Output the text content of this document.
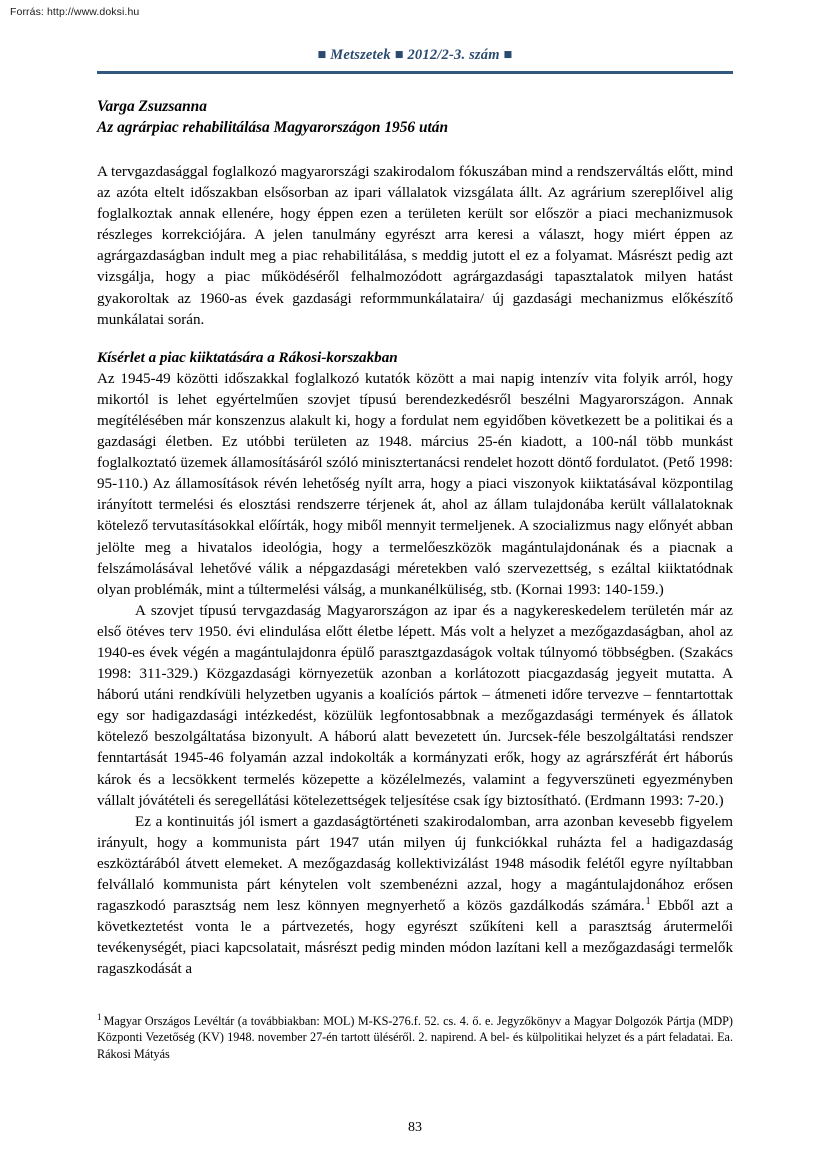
Forrás: http://www.doksi.hu
■ Metszetek ■ 2012/2-3. szám ■
Varga Zsuzsanna
Az agrárpiac rehabilitálása Magyarországon 1956 után

A tervgazdasággal foglalkozó magyarországi szakirodalom fókuszában mind a rendszerváltás előtt, mind az azóta eltelt időszakban elsősorban az ipari vállalatok vizsgálata állt. Az agrárium szereplőivel alig foglalkoztak annak ellenére, hogy éppen ezen a területen került sor először a piaci mechanizmusok részleges korrekciójára. A jelen tanulmány egyrészt arra keresi a választ, hogy miért éppen az agrárgazdaságban indult meg a piac rehabilitálása, s meddig jutott el ez a folyamat. Másrészt pedig azt vizsgálja, hogy a piac működéséről felhalmozódott agrárgazdasági tapasztalatok milyen hatást gyakoroltak az 1960-as évek gazdasági reformmunkálataira/ új gazdasági mechanizmus előkészítő munkálatai során.

Kísérlet a piac kiiktatására a Rákosi-korszakban

Az 1945-49 közötti időszakkal foglalkozó kutatók között a mai napig intenzív vita folyik arról, hogy mikortól is lehet egyértelműen szovjet típusú berendezkedésről beszélni Magyarországon. Annak megítélésében már konszenzus alakult ki, hogy a fordulat nem egyidőben következett be a politikai és a gazdasági életben. Ez utóbbi területen az 1948. március 25-én kiadott, a 100-nál több munkást foglalkoztató üzemek államosításáról szóló minisztertanácsi rendelet hozott döntő fordulatot. (Pető 1998: 95-110.) Az államosítások révén lehetőség nyílt arra, hogy a piaci viszonyok kiiktatásával központilag irányított termelési és elosztási rendszerre térjenek át, ahol az állam tulajdonába került vállalatoknak kötelező tervutasításokkal előírták, hogy miből mennyit termeljenek. A szocializmus nagy előnyét abban jelölte meg a hivatalos ideológia, hogy a termelőeszközök magántulajdonának és a piacnak a felszámolásával lehetővé válik a népgazdasági méretekben való szervezettség, s ezáltal kiiktatódnak olyan problémák, mint a túltermelési válság, a munkanélküliség, stb. (Kornai 1993: 140-159.)

A szovjet típusú tervgazdaság Magyarországon az ipar és a nagykereskedelem területén már az első ötéves terv 1950. évi elindulása előtt életbe lépett. Más volt a helyzet a mezőgazdaságban, ahol az 1940-es évek végén a magántulajdonra épülő parasztgazdaságok voltak túlnyomó többségben. (Szakács 1998: 311-329.) Közgazdasági környezetük azonban a korlátozott piacgazdaság jegyeit mutatta. A háború utáni rendkívüli helyzetben ugyanis a koalíciós pártok – átmeneti időre tervezve – fenntartottak egy sor hadigazdasági intézkedést, közülük legfontosabbnak a mezőgazdasági termények és állatok kötelező beszolgáltatása bizonyult. A háború alatt bevezetett ún. Jurcsek-féle beszolgáltatási rendszer fenntartását 1945-46 folyamán azzal indokolták a kormányzati erők, hogy az agrárszférát ért háborús károk és a lecsökkent termelés közepette a közélelmezés, valamint a fegyverszüneti egyezményben vállalt jóvátételi és seregellátási kötelezettségek teljesítése csak így biztosítható. (Erdmann 1993: 7-20.)

Ez a kontinuitás jól ismert a gazdaságtörténeti szakirodalomban, arra azonban kevesebb figyelem irányult, hogy a kommunista párt 1947 után milyen új funkciókkal ruházta fel a hadigazdaság eszköztárából átvett elemeket. A mezőgazdaság kollektivizálást 1948 második felétől egyre nyíltabban felvállaló kommunista párt kénytelen volt szembenézni azzal, hogy a magántulajdonához erősen ragaszkodó parasztság nem lesz könnyen megnyerhető a közös gazdálkodás számára.$^1$ Ebből azt a következtetést vonta le a pártvezetés, hogy egyrészt szűkíteni kell a parasztság árutermelői tevékenységét, piaci kapcsolatait, másrészt pedig minden módon lazítani kell a mezőgazdasági termelők ragaszkodását a

$^1$ Magyar Országos Levéltár (a továbbiakban: MOL) M-KS-276.f. 52. cs. 4. ő. e. Jegyzőkönyv a Magyar Dolgozók Pártja (MDP) Központi Vezetőség (KV) 1948. november 27-én tartott üléséről. 2. napirend. A bel- és külpolitikai helyzet és a párt feladatai. Ea. Rákosi Mátyás

83
